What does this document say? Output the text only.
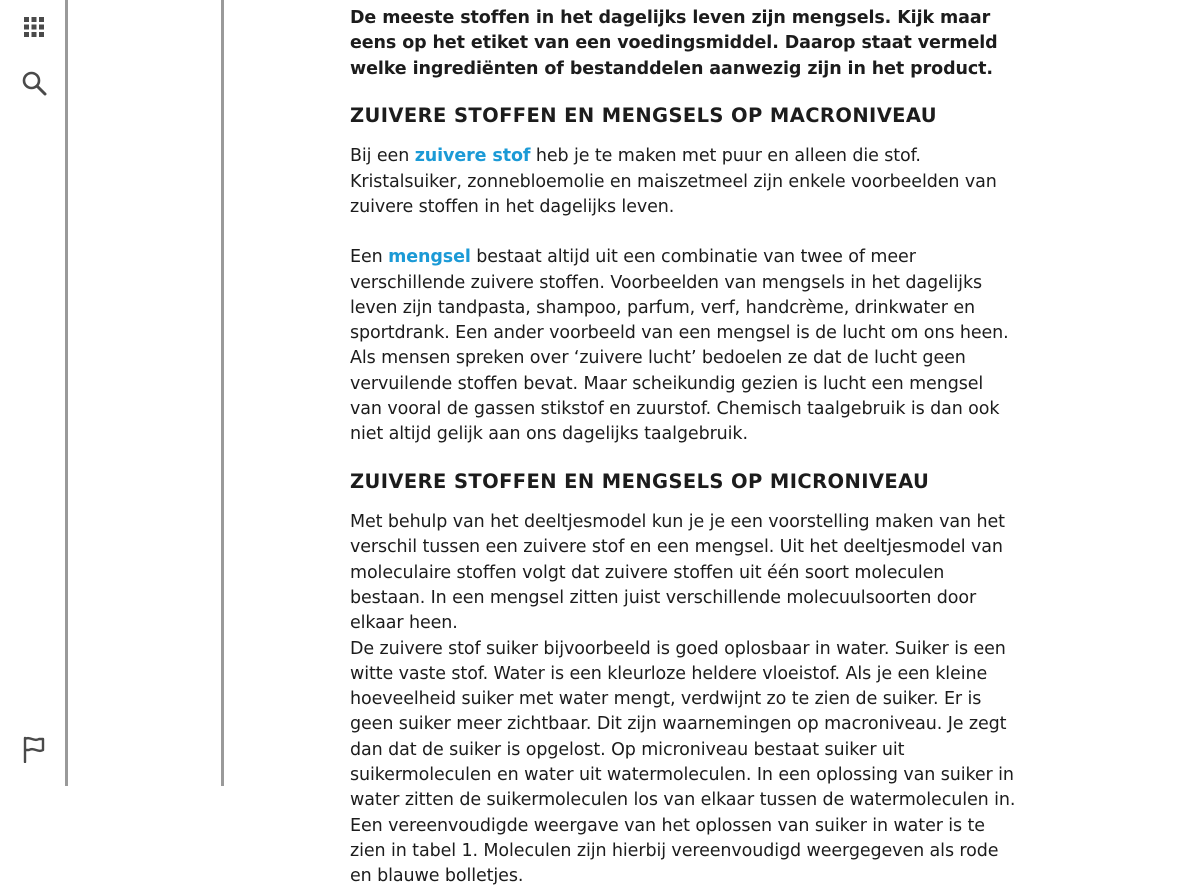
De meeste stoffen in het dagelijks leven zijn mengsels. Kijk maar eens op het etiket van een voedingsmiddel. Daarop staat vermeld welke ingrediënten of bestanddelen aanwezig zijn in het product.

ZUIVERE STOFFEN EN MENGSELS OP MACRONIVEAU

Bij een zuivere stof heb je te maken met puur en alleen die stof. Kristalsuiker, zonnebloemolie en maiszetmeel zijn enkele voorbeelden van zuivere stoffen in het dagelijks leven.

Een mengsel bestaat altijd uit een combinatie van twee of meer verschillende zuivere stoffen. Voorbeelden van mengsels in het dagelijks leven zijn tandpasta, shampoo, parfum, verf, handcrème, drinkwater en sportdrank. Een ander voorbeeld van een mengsel is de lucht om ons heen. Als mensen spreken over ‘zuivere lucht’ bedoelen ze dat de lucht geen vervuilende stoffen bevat. Maar scheikundig gezien is lucht een mengsel van vooral de gassen stikstof en zuurstof. Chemisch taalgebruik is dan ook niet altijd gelijk aan ons dagelijks taalgebruik.

ZUIVERE STOFFEN EN MENGSELS OP MICRONIVEAU

Met behulp van het deeltjesmodel kun je je een voorstelling maken van het verschil tussen een zuivere stof en een mengsel. Uit het deeltjesmodel van moleculaire stoffen volgt dat zuivere stoffen uit één soort moleculen bestaan. In een mengsel zitten juist verschillende molecuulsoorten door elkaar heen.

De zuivere stof suiker bijvoorbeeld is goed oplosbaar in water. Suiker is een witte vaste stof. Water is een kleurloze heldere vloeistof. Als je een kleine hoeveelheid suiker met water mengt, verdwijnt zo te zien de suiker. Er is geen suiker meer zichtbaar. Dit zijn waarnemingen op macroniveau. Je zegt dan dat de suiker is opgelost. Op microniveau bestaat suiker uit suikermoleculen en water uit watermoleculen. In een oplossing van suiker in water zitten de suikermoleculen los van elkaar tussen de watermoleculen in. Een vereenvoudigde weergave van het oplossen van suiker in water is te zien in tabel 1. Moleculen zijn hierbij vereenvoudigd weergegeven als rode en blauwe bolletjes.
